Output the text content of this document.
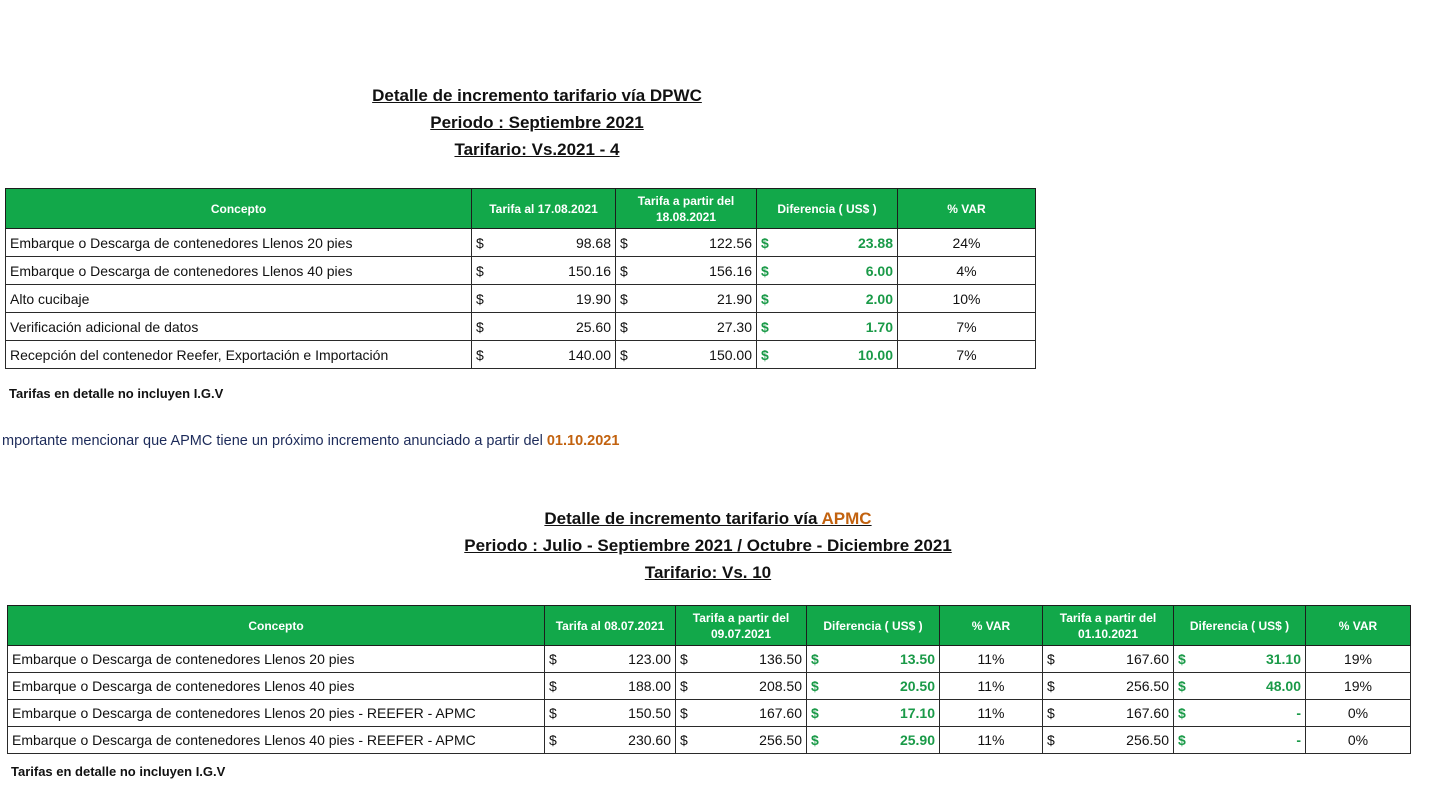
Detalle de incremento tarifario vía DPWC
Periodo : Septiembre 2021
Tarifario: Vs.2021 - 4
Concepto	Tarifa al 17.08.2021	Tarifa a partir del 18.08.2021	Diferencia ( US$ )	% VAR
Embarque o Descarga de contenedores Llenos 20 pies	$ 98.68	$ 122.56	$ 23.88	24%
Embarque o Descarga de contenedores Llenos 40 pies	$ 150.16	$ 156.16	$ 6.00	4%
Alto cucibaje	$ 19.90	$ 21.90	$ 2.00	10%
Verificación adicional de datos	$ 25.60	$ 27.30	$ 1.70	7%
Recepción del contenedor Reefer, Exportación e Importación	$ 140.00	$ 150.00	$ 10.00	7%
Tarifas en detalle no incluyen I.G.V
mportante mencionar que APMC tiene un próximo incremento anunciado a partir del 01.10.2021
Detalle de incremento tarifario vía APMC
Periodo : Julio - Septiembre 2021 / Octubre - Diciembre 2021
Tarifario: Vs. 10
Concepto	Tarifa al 08.07.2021	Tarifa a partir del 09.07.2021	Diferencia ( US$ )	% VAR	Tarifa a partir del 01.10.2021	Diferencia ( US$ )	% VAR
Embarque o Descarga de contenedores Llenos 20 pies	$ 123.00	$ 136.50	$ 13.50	11%	$ 167.60	$ 31.10	19%
Embarque o Descarga de contenedores Llenos 40 pies	$ 188.00	$ 208.50	$ 20.50	11%	$ 256.50	$ 48.00	19%
Embarque o Descarga de contenedores Llenos 20 pies - REEFER - APMC	$ 150.50	$ 167.60	$ 17.10	11%	$ 167.60	$ -	0%
Embarque o Descarga de contenedores Llenos 40 pies - REEFER - APMC	$ 230.60	$ 256.50	$ 25.90	11%	$ 256.50	$ -	0%
Tarifas en detalle no incluyen I.G.V
